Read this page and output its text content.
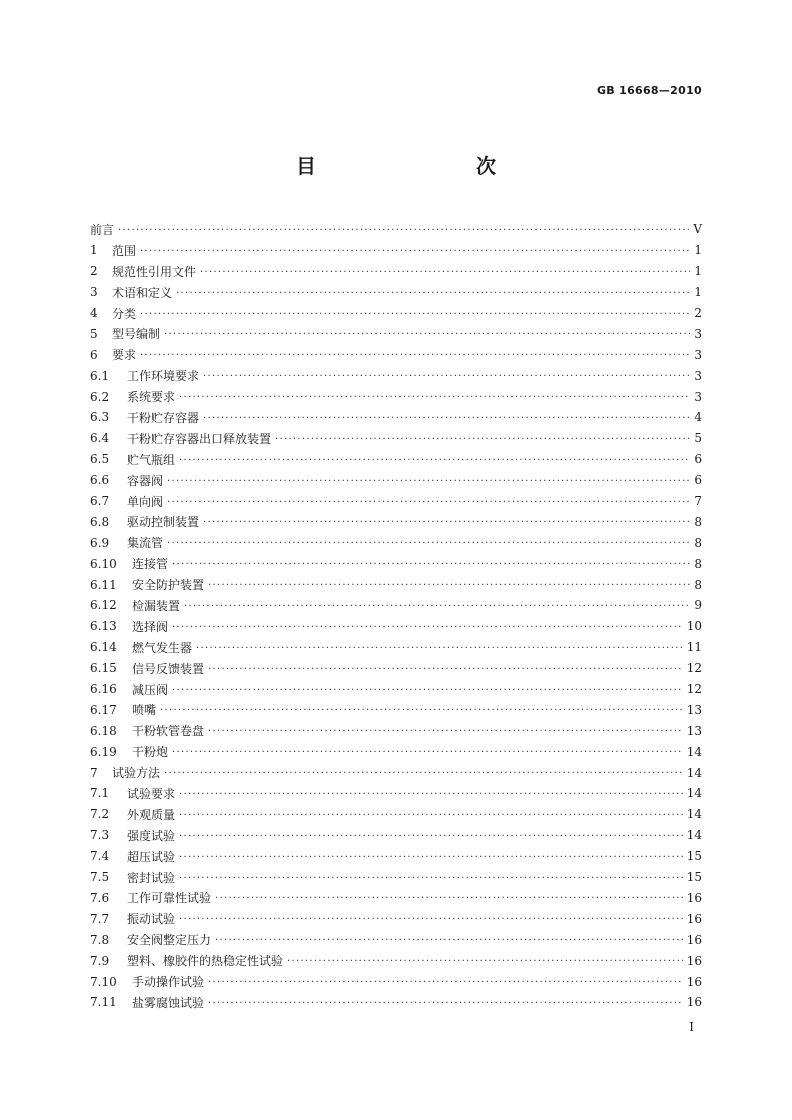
GB 16668—2010
目　　次
前言 ·····	V
1	范围 ·····	1
2	规范性引用文件 ·····	1
3	术语和定义 ·····	1
4	分类 ·····	2
5	型号编制 ·····	3
6	要求 ·····	3
6.1	工作环境要求 ·····	3
6.2	系统要求 ·····	3
6.3	干粉贮存容器 ·····	4
6.4	干粉贮存容器出口释放装置 ·····	5
6.5	贮气瓶组 ·····	6
6.6	容器阀 ·····	6
6.7	单向阀 ·····	7
6.8	驱动控制装置 ·····	8
6.9	集流管 ·····	8
6.10	连接管 ·····	8
6.11	安全防护装置 ·····	8
6.12	检漏装置 ·····	9
6.13	选择阀 ·····	10
6.14	燃气发生器 ·····	11
6.15	信号反馈装置 ·····	12
6.16	减压阀 ·····	12
6.17	喷嘴 ·····	13
6.18	干粉软管卷盘 ·····	13
6.19	干粉炮 ·····	14
7	试验方法 ·····	14
7.1	试验要求 ·····	14
7.2	外观质量 ·····	14
7.3	强度试验 ·····	14
7.4	超压试验 ·····	15
7.5	密封试验 ·····	15
7.6	工作可靠性试验 ·····	16
7.7	振动试验 ·····	16
7.8	安全阀整定压力 ·····	16
7.9	塑料、橡胶件的热稳定性试验 ·····	16
7.10	手动操作试验 ·····	16
7.11	盐雾腐蚀试验 ·····	16
I
